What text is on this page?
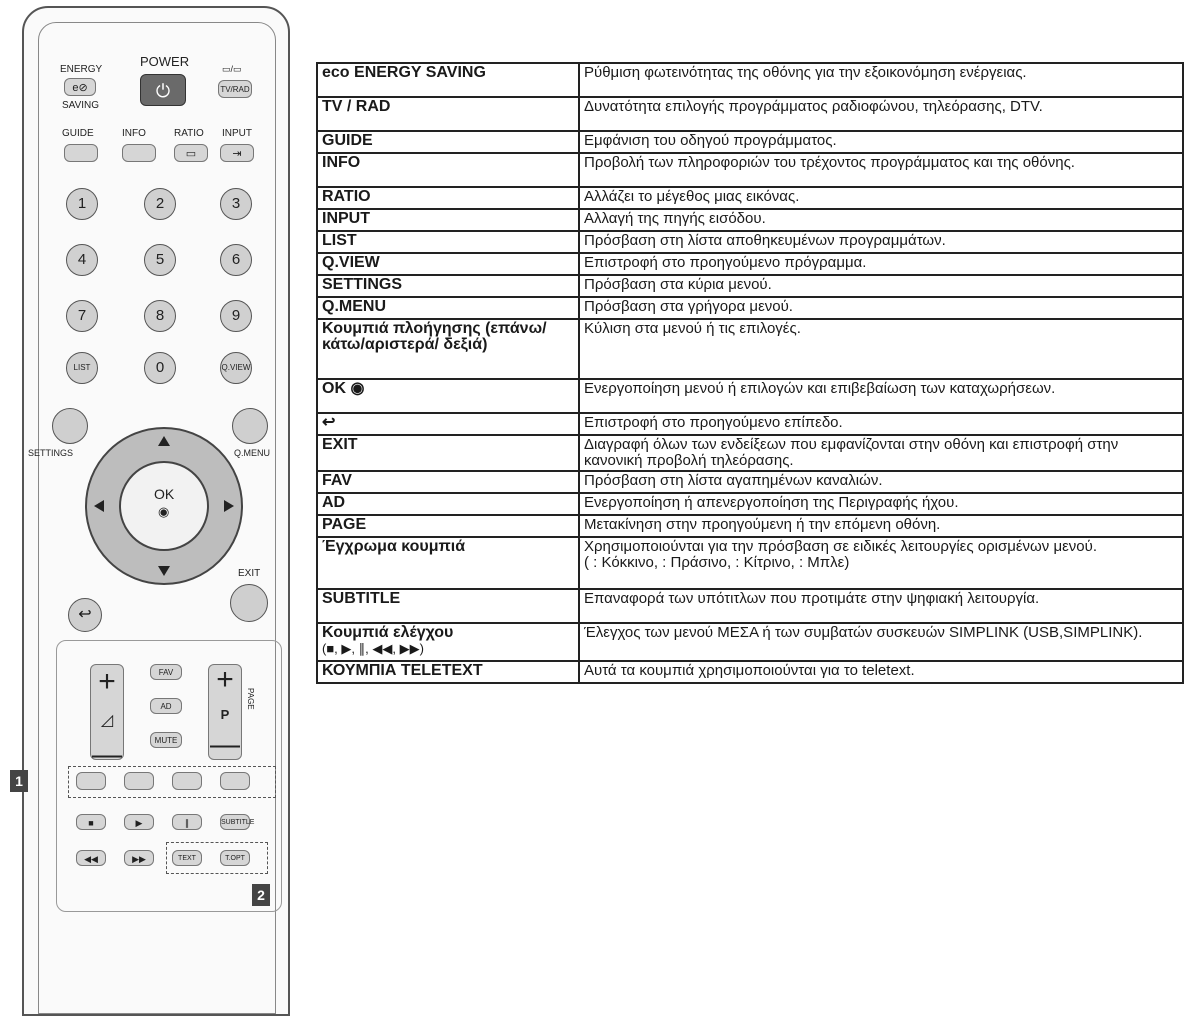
ENERGY
e⊘
SAVING
POWER
⏻
▭/▭
TV/RAD
GUIDE	INFO	RATIO
▭
INPUT
⇥
1	2	3
4	5	6
7	8	9
LIST	0	Q.VIEW
SETTINGS	Q.MENU
OK
◉
EXIT
↩
+
◿
—
FAV
AD
MUTE
+
P
—
PAGE
1
■	▶	∥	SUBTITLE
◀◀	▶▶	TEXT	T.OPT
2
eco ENERGY SAVING	Ρύθμιση φωτεινότητας της οθόνης για την εξοικονόμηση ενέργειας.
TV / RAD	Δυνατότητα επιλογής προγράμματος ραδιοφώνου, τηλεόρασης, DTV.
GUIDE	Εμφάνιση του οδηγού προγράμματος.
INFO	Προβολή των πληροφοριών του τρέχοντος προγράμματος και της οθόνης.
RATIO	Αλλάζει το μέγεθος μιας εικόνας.
INPUT	Αλλαγή της πηγής εισόδου.
LIST	Πρόσβαση στη λίστα αποθηκευμένων προγραμμάτων.
Q.VIEW	Επιστροφή στο προηγούμενο πρόγραμμα.
SETTINGS	Πρόσβαση στα κύρια μενού.
Q.MENU	Πρόσβαση στα γρήγορα μενού.
Κουμπιά πλοήγησης (επάνω/κάτω/αριστερά/ δεξιά)	Κύλιση στα μενού ή τις επιλογές.
OK ◉	Ενεργοποίηση μενού ή επιλογών και επιβεβαίωση των καταχωρήσεων.
↩	Επιστροφή στο προηγούμενο επίπεδο.
EXIT	Διαγραφή όλων των ενδείξεων που εμφανίζονται στην οθόνη και επιστροφή στην κανονική προβολή τηλεόρασης.
FAV	Πρόσβαση στη λίστα αγαπημένων καναλιών.
AD	Ενεργοποίηση ή απενεργοποίηση της Περιγραφής ήχου.
PAGE	Μετακίνηση στην προηγούμενη ή την επόμενη οθόνη.
Έγχρωμα κουμπιά	Χρησιμοποιούνται για την πρόσβαση σε ειδικές λειτουργίες ορισμένων μενού.
( : Κόκκινο, : Πράσινο, : Κίτρινο, : Μπλε)
SUBTITLE	Επαναφορά των υπότιτλων που προτιμάτε στην ψηφιακή λειτουργία.
Κουμπιά ελέγχου
(■, ▶, ∥, ◀◀, ▶▶)	Έλεγχος των μενού ΜΕΣΑ ή των συμβατών συσκευών SIMPLINK (USB,SIMPLINK).
ΚΟΥΜΠΙΑ TELETEXT	Αυτά τα κουμπιά χρησιμοποιούνται για το teletext.
